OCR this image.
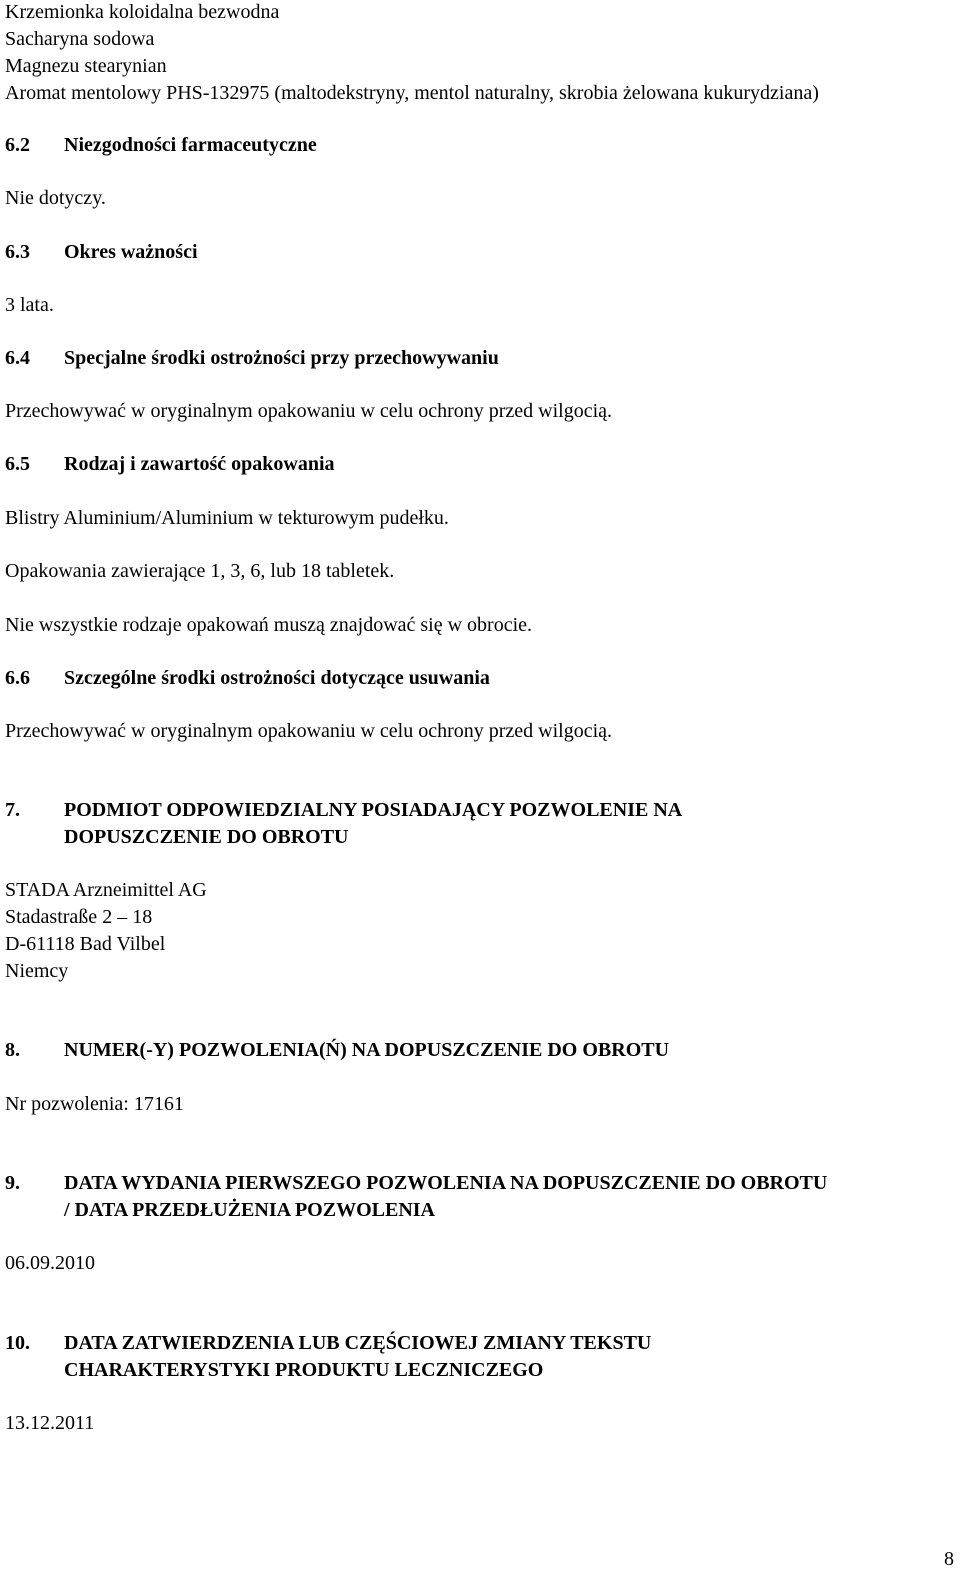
Krzemionka koloidalna bezwodna
Sacharyna sodowa
Magnezu stearynian
Aromat mentolowy PHS-132975 (maltodekstryny, mentol naturalny, skrobia żelowana kukurydziana)
6.2	Niezgodności farmaceutyczne
Nie dotyczy.
6.3	Okres ważności
3 lata.
6.4	Specjalne środki ostrożności przy przechowywaniu
Przechowywać w oryginalnym opakowaniu w celu ochrony przed wilgocią.
6.5	Rodzaj i zawartość opakowania
Blistry Aluminium/Aluminium w tekturowym pudełku.
Opakowania zawierające 1, 3, 6, lub 18 tabletek.
Nie wszystkie rodzaje opakowań muszą znajdować się w obrocie.
6.6	Szczególne środki ostrożności dotyczące usuwania
Przechowywać w oryginalnym opakowaniu w celu ochrony przed wilgocią.
7.	PODMIOT ODPOWIEDZIALNY POSIADAJĄCY POZWOLENIE NA
DOPUSZCZENIE DO OBROTU
STADA Arzneimittel AG
Stadastraße 2 – 18
D-61118 Bad Vilbel
Niemcy
8.	NUMER(-Y) POZWOLENIA(Ń) NA DOPUSZCZENIE DO OBROTU
Nr pozwolenia: 17161
9.	DATA WYDANIA PIERWSZEGO POZWOLENIA NA DOPUSZCZENIE DO OBROTU
/ DATA PRZEDŁUŻENIA POZWOLENIA
06.09.2010
10.	DATA ZATWIERDZENIA LUB CZĘŚCIOWEJ ZMIANY TEKSTU
CHARAKTERYSTYKI PRODUKTU LECZNICZEGO
13.12.2011
8
